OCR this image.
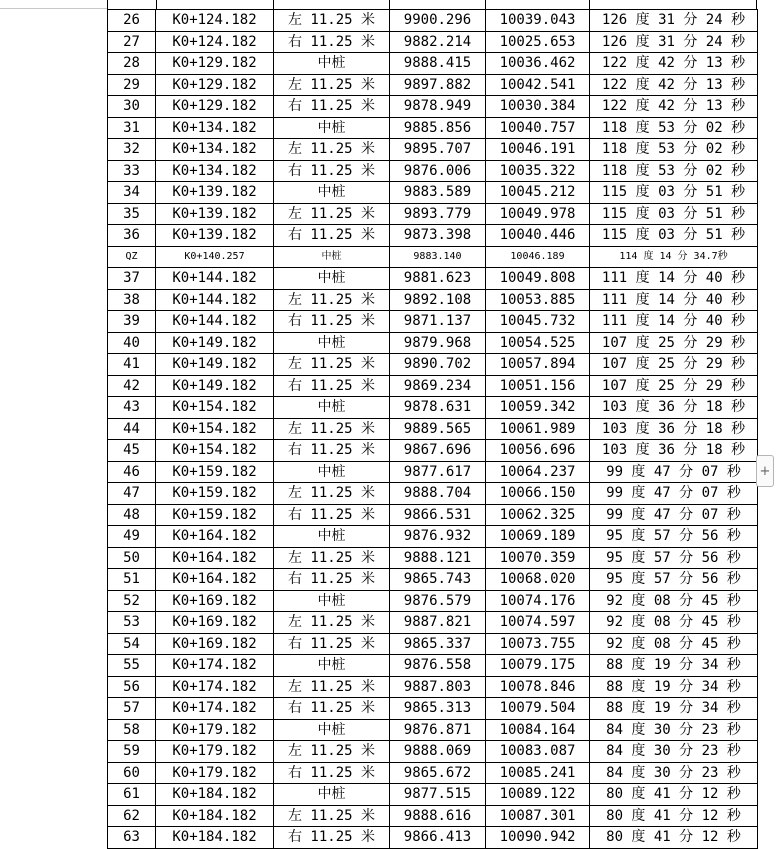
26	K0+124.182	左 11.25 米	9900.296	10039.043	126 度 31 分 24 秒
27	K0+124.182	右 11.25 米	9882.214	10025.653	126 度 31 分 24 秒
28	K0+129.182	中桩	9888.415	10036.462	122 度 42 分 13 秒
29	K0+129.182	左 11.25 米	9897.882	10042.541	122 度 42 分 13 秒
30	K0+129.182	右 11.25 米	9878.949	10030.384	122 度 42 分 13 秒
31	K0+134.182	中桩	9885.856	10040.757	118 度 53 分 02 秒
32	K0+134.182	左 11.25 米	9895.707	10046.191	118 度 53 分 02 秒
33	K0+134.182	右 11.25 米	9876.006	10035.322	118 度 53 分 02 秒
34	K0+139.182	中桩	9883.589	10045.212	115 度 03 分 51 秒
35	K0+139.182	左 11.25 米	9893.779	10049.978	115 度 03 分 51 秒
36	K0+139.182	右 11.25 米	9873.398	10040.446	115 度 03 分 51 秒
QZ	K0+140.257	中桩	9883.140	10046.189	114 度 14 分 34.7秒
37	K0+144.182	中桩	9881.623	10049.808	111 度 14 分 40 秒
38	K0+144.182	左 11.25 米	9892.108	10053.885	111 度 14 分 40 秒
39	K0+144.182	右 11.25 米	9871.137	10045.732	111 度 14 分 40 秒
40	K0+149.182	中桩	9879.968	10054.525	107 度 25 分 29 秒
41	K0+149.182	左 11.25 米	9890.702	10057.894	107 度 25 分 29 秒
42	K0+149.182	右 11.25 米	9869.234	10051.156	107 度 25 分 29 秒
43	K0+154.182	中桩	9878.631	10059.342	103 度 36 分 18 秒
44	K0+154.182	左 11.25 米	9889.565	10061.989	103 度 36 分 18 秒
45	K0+154.182	右 11.25 米	9867.696	10056.696	103 度 36 分 18 秒
46	K0+159.182	中桩	9877.617	10064.237	99 度 47 分 07 秒
47	K0+159.182	左 11.25 米	9888.704	10066.150	99 度 47 分 07 秒
48	K0+159.182	右 11.25 米	9866.531	10062.325	99 度 47 分 07 秒
49	K0+164.182	中桩	9876.932	10069.189	95 度 57 分 56 秒
50	K0+164.182	左 11.25 米	9888.121	10070.359	95 度 57 分 56 秒
51	K0+164.182	右 11.25 米	9865.743	10068.020	95 度 57 分 56 秒
52	K0+169.182	中桩	9876.579	10074.176	92 度 08 分 45 秒
53	K0+169.182	左 11.25 米	9887.821	10074.597	92 度 08 分 45 秒
54	K0+169.182	右 11.25 米	9865.337	10073.755	92 度 08 分 45 秒
55	K0+174.182	中桩	9876.558	10079.175	88 度 19 分 34 秒
56	K0+174.182	左 11.25 米	9887.803	10078.846	88 度 19 分 34 秒
57	K0+174.182	右 11.25 米	9865.313	10079.504	88 度 19 分 34 秒
58	K0+179.182	中桩	9876.871	10084.164	84 度 30 分 23 秒
59	K0+179.182	左 11.25 米	9888.069	10083.087	84 度 30 分 23 秒
60	K0+179.182	右 11.25 米	9865.672	10085.241	84 度 30 分 23 秒
61	K0+184.182	中桩	9877.515	10089.122	80 度 41 分 12 秒
62	K0+184.182	左 11.25 米	9888.616	10087.301	80 度 41 分 12 秒
63	K0+184.182	右 11.25 米	9866.413	10090.942	80 度 41 分 12 秒
+
